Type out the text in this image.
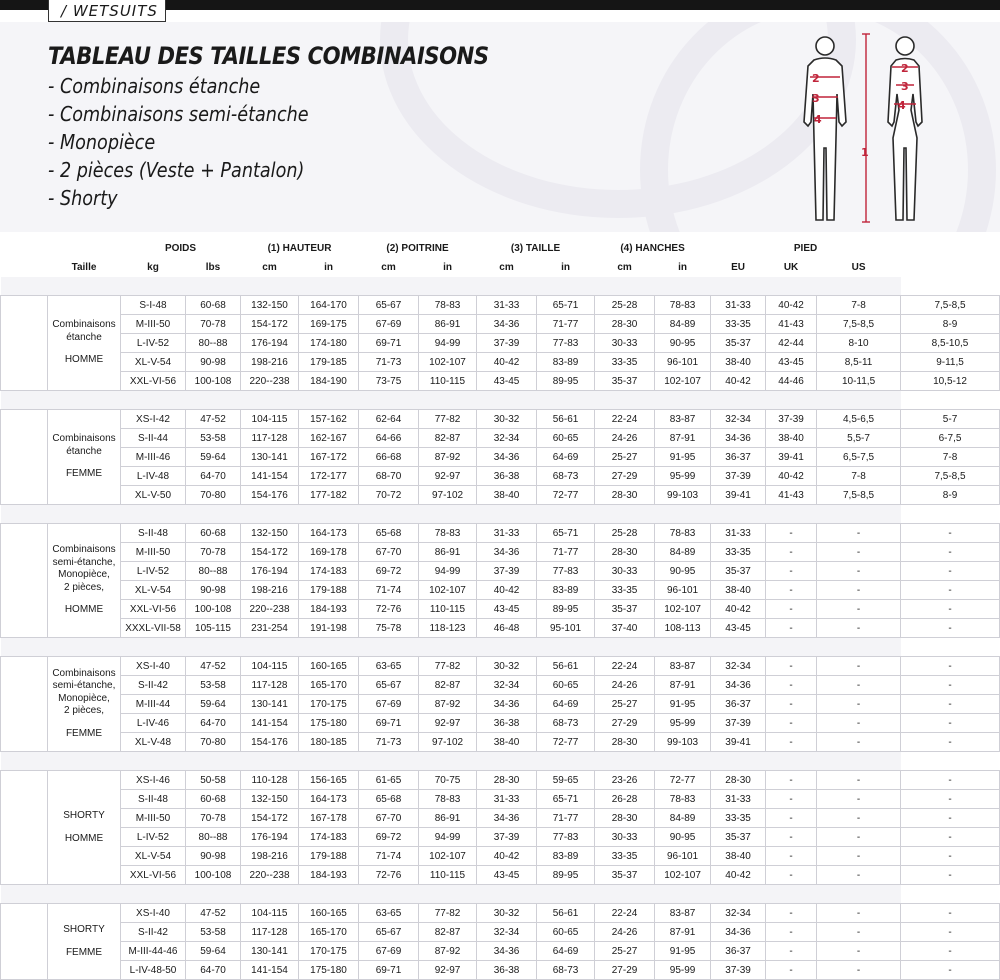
/ WETSUITS
TABLEAU DES TAILLES COMBINAISONS
- Combinaisons étanche
- Combinaisons semi-étanche
- Monopièce
- 2 pièces (Veste + Pantalon)
- Shorty
2
3
4
1
2
3
4
		POIDS		(1) HAUTEUR		(2) POITRINE		(3) TAILLE		(4) HANCHES		PIED			
	Taille	kg	lbs	cm	in	cm	in	cm	in	cm	in	EU	UK	US	

	Combinaisons
étanche
HOMME	S-I-48	60-68	132-150	164-170	65-67	78-83	31-33	65-71	25-28	78-83	31-33	40-42	7-8	7,5-8,5
		M-III-50	70-78	154-172	169-175	67-69	86-91	34-36	71-77	28-30	84-89	33-35	41-43	7,5-8,5	8-9
		L-IV-52	80--88	176-194	174-180	69-71	94-99	37-39	77-83	30-33	90-95	35-37	42-44	8-10	8,5-10,5
		XL-V-54	90-98	198-216	179-185	71-73	102-107	40-42	83-89	33-35	96-101	38-40	43-45	8,5-11	9-11,5
		XXL-VI-56	100-108	220--238	184-190	73-75	110-115	43-45	89-95	35-37	102-107	40-42	44-46	10-11,5	10,5-12

	Combinaisons
étanche
FEMME	XS-I-42	47-52	104-115	157-162	62-64	77-82	30-32	56-61	22-24	83-87	32-34	37-39	4,5-6,5	5-7
		S-II-44	53-58	117-128	162-167	64-66	82-87	32-34	60-65	24-26	87-91	34-36	38-40	5,5-7	6-7,5
		M-III-46	59-64	130-141	167-172	66-68	87-92	34-36	64-69	25-27	91-95	36-37	39-41	6,5-7,5	7-8
		L-IV-48	64-70	141-154	172-177	68-70	92-97	36-38	68-73	27-29	95-99	37-39	40-42	7-8	7,5-8,5
		XL-V-50	70-80	154-176	177-182	70-72	97-102	38-40	72-77	28-30	99-103	39-41	41-43	7,5-8,5	8-9

	Combinaisons
semi-étanche,
Monopièce,
2 pièces,
HOMME	S-II-48	60-68	132-150	164-173	65-68	78-83	31-33	65-71	25-28	78-83	31-33	-	-	-
		M-III-50	70-78	154-172	169-178	67-70	86-91	34-36	71-77	28-30	84-89	33-35	-	-	-
		L-IV-52	80--88	176-194	174-183	69-72	94-99	37-39	77-83	30-33	90-95	35-37	-	-	-
		XL-V-54	90-98	198-216	179-188	71-74	102-107	40-42	83-89	33-35	96-101	38-40	-	-	-
		XXL-VI-56	100-108	220--238	184-193	72-76	110-115	43-45	89-95	35-37	102-107	40-42	-	-	-
		XXXL-VII-58	105-115	231-254	191-198	75-78	118-123	46-48	95-101	37-40	108-113	43-45	-	-	-

	Combinaisons
semi-étanche,
Monopièce,
2 pièces,
FEMME	XS-I-40	47-52	104-115	160-165	63-65	77-82	30-32	56-61	22-24	83-87	32-34	-	-	-
		S-II-42	53-58	117-128	165-170	65-67	82-87	32-34	60-65	24-26	87-91	34-36	-	-	-
		M-III-44	59-64	130-141	170-175	67-69	87-92	34-36	64-69	25-27	91-95	36-37	-	-	-
		L-IV-46	64-70	141-154	175-180	69-71	92-97	36-38	68-73	27-29	95-99	37-39	-	-	-
		XL-V-48	70-80	154-176	180-185	71-73	97-102	38-40	72-77	28-30	99-103	39-41	-	-	-

	SHORTY
HOMME	XS-I-46	50-58	110-128	156-165	61-65	70-75	28-30	59-65	23-26	72-77	28-30	-	-	-
		S-II-48	60-68	132-150	164-173	65-68	78-83	31-33	65-71	26-28	78-83	31-33	-	-	-
		M-III-50	70-78	154-172	167-178	67-70	86-91	34-36	71-77	28-30	84-89	33-35	-	-	-
		L-IV-52	80--88	176-194	174-183	69-72	94-99	37-39	77-83	30-33	90-95	35-37	-	-	-
		XL-V-54	90-98	198-216	179-188	71-74	102-107	40-42	83-89	33-35	96-101	38-40	-	-	-
		XXL-VI-56	100-108	220--238	184-193	72-76	110-115	43-45	89-95	35-37	102-107	40-42	-	-	-

	SHORTY
FEMME	XS-I-40	47-52	104-115	160-165	63-65	77-82	30-32	56-61	22-24	83-87	32-34	-	-	-
		S-II-42	53-58	117-128	165-170	65-67	82-87	32-34	60-65	24-26	87-91	34-36	-	-	-
		M-III-44-46	59-64	130-141	170-175	67-69	87-92	34-36	64-69	25-27	91-95	36-37	-	-	-
		L-IV-48-50	64-70	141-154	175-180	69-71	92-97	36-38	68-73	27-29	95-99	37-39	-	-	-
